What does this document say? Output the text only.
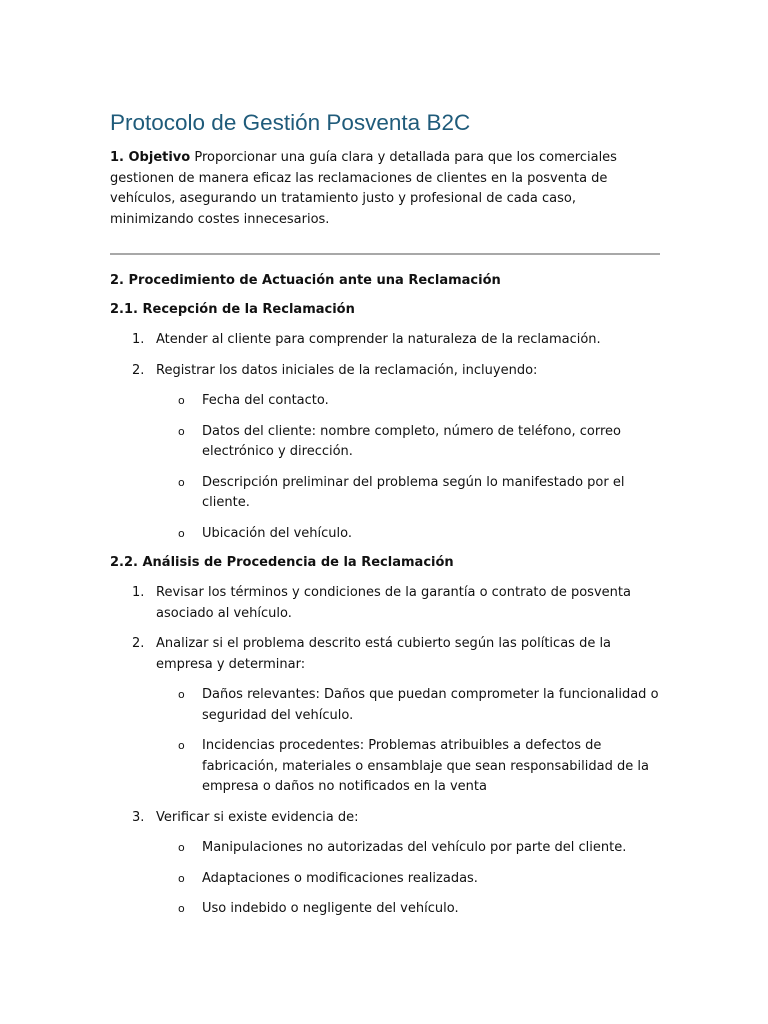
Protocolo de Gestión Posventa B2C

1. Objetivo Proporcionar una guía clara y detallada para que los comerciales gestionen de manera eficaz las reclamaciones de clientes en la posventa de vehículos, asegurando un tratamiento justo y profesional de cada caso, minimizando costes innecesarios.

2. Procedimiento de Actuación ante una Reclamación
2.1. Recepción de la Reclamación
1. Atender al cliente para comprender la naturaleza de la reclamación.
2. Registrar los datos iniciales de la reclamación, incluyendo:
o Fecha del contacto.
o Datos del cliente: nombre completo, número de teléfono, correo electrónico y dirección.
o Descripción preliminar del problema según lo manifestado por el cliente.
o Ubicación del vehículo.
2.2. Análisis de Procedencia de la Reclamación
1. Revisar los términos y condiciones de la garantía o contrato de posventa asociado al vehículo.
2. Analizar si el problema descrito está cubierto según las políticas de la empresa y determinar:
o Daños relevantes: Daños que puedan comprometer la funcionalidad o seguridad del vehículo.
o Incidencias procedentes: Problemas atribuibles a defectos de fabricación, materiales o ensamblaje que sean responsabilidad de la empresa o daños no notificados en la venta
3. Verificar si existe evidencia de:
o Manipulaciones no autorizadas del vehículo por parte del cliente.
o Adaptaciones o modificaciones realizadas.
o Uso indebido o negligente del vehículo.
